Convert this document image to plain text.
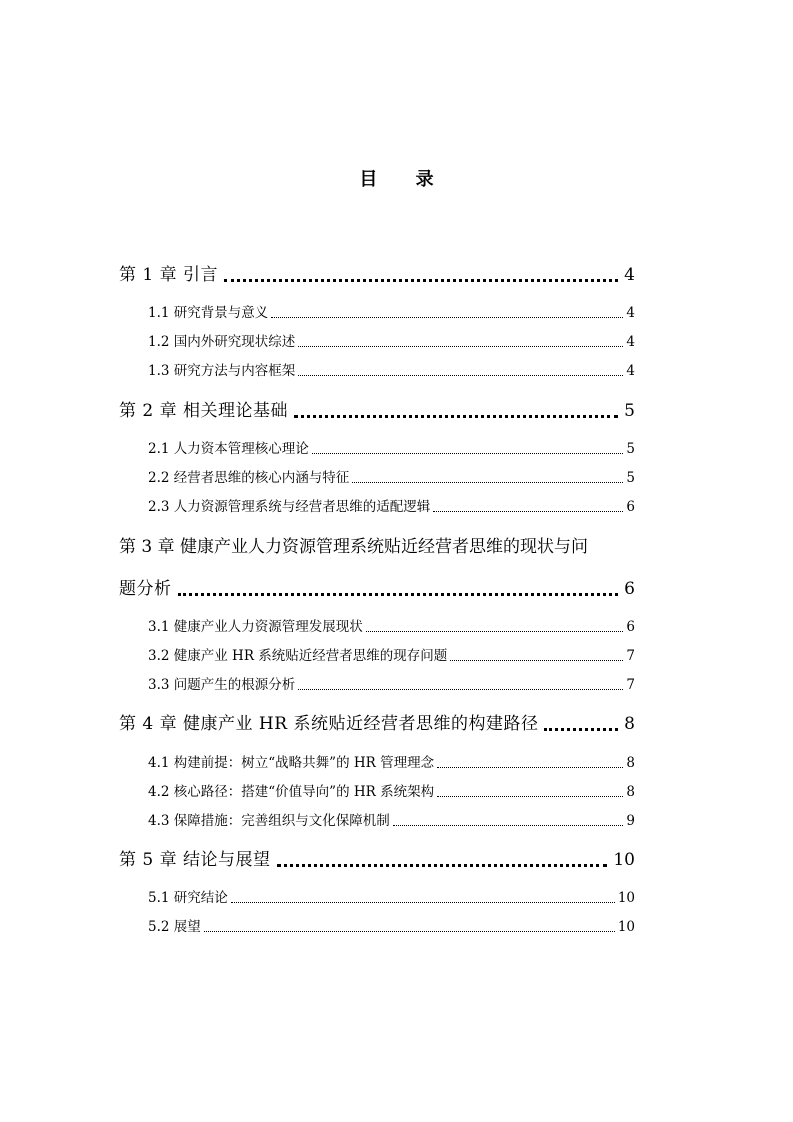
目 录
第 1 章 引言	4
1.1 研究背景与意义	4
1.2 国内外研究现状综述	4
1.3 研究方法与内容框架	4
第 2 章 相关理论基础	5
2.1 人力资本管理核心理论	5
2.2 经营者思维的核心内涵与特征	5
2.3 人力资源管理系统与经营者思维的适配逻辑	6
第 3 章 健康产业人力资源管理系统贴近经营者思维的现状与问
题分析	6
3.1 健康产业人力资源管理发展现状	6
3.2 健康产业 HR 系统贴近经营者思维的现存问题	7
3.3 问题产生的根源分析	7
第 4 章 健康产业 HR 系统贴近经营者思维的构建路径	8
4.1 构建前提：树立“战略共舞”的 HR 管理理念	8
4.2 核心路径：搭建“价值导向”的 HR 系统架构	8
4.3 保障措施：完善组织与文化保障机制	9
第 5 章 结论与展望	10
5.1 研究结论	10
5.2 展望	10
